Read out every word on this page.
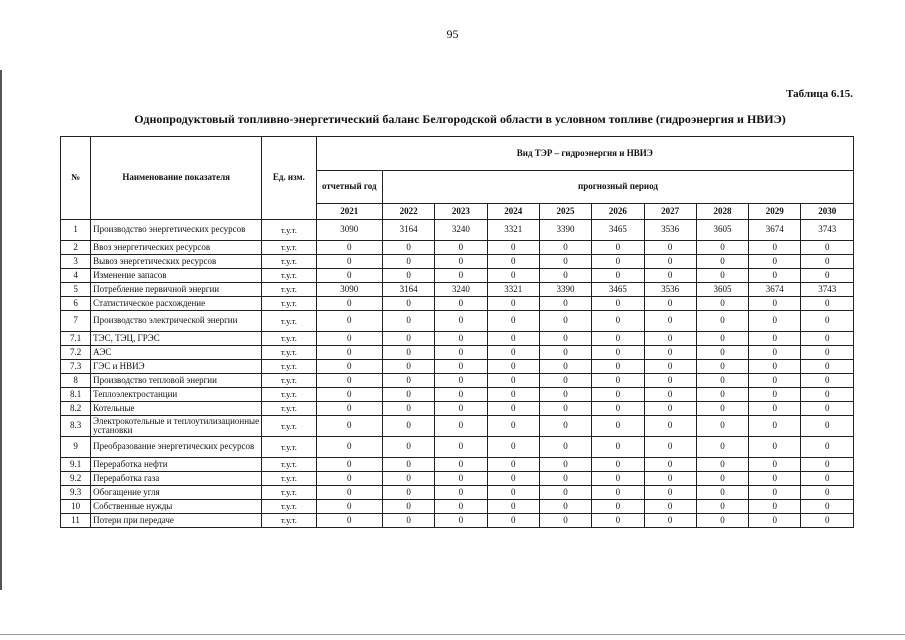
95
Таблица 6.15.
Однопродуктовый топливно-энергетический баланс Белгородской области в условном топливе (гидроэнергия и НВИЭ)
№	Наименование показателя	Ед. изм.	Вид ТЭР – гидроэнергия и НВИЭ									
			отчетный год	прогнозный период								
			2021	2022	2023	2024	2025	2026	2027	2028	2029	2030
1	Производство энергетических ресурсов	т.у.т.	3090	3164	3240	3321	3390	3465	3536	3605	3674	3743
2	Ввоз энергетических ресурсов	т.у.т.	0	0	0	0	0	0	0	0	0	0
3	Вывоз энергетических ресурсов	т.у.т.	0	0	0	0	0	0	0	0	0	0
4	Изменение запасов	т.у.т.	0	0	0	0	0	0	0	0	0	0
5	Потребление первичной энергии	т.у.т.	3090	3164	3240	3321	3390	3465	3536	3605	3674	3743
6	Статистическое расхождение	т.у.т.	0	0	0	0	0	0	0	0	0	0
7	Производство электрической энергии	т.у.т.	0	0	0	0	0	0	0	0	0	0
7.1	ТЭС, ТЭЦ, ГРЭС	т.у.т.	0	0	0	0	0	0	0	0	0	0
7.2	АЭС	т.у.т.	0	0	0	0	0	0	0	0	0	0
7.3	ГЭС и НВИЭ	т.у.т.	0	0	0	0	0	0	0	0	0	0
8	Производство тепловой энергии	т.у.т.	0	0	0	0	0	0	0	0	0	0
8.1	Теплоэлектростанции	т.у.т.	0	0	0	0	0	0	0	0	0	0
8.2	Котельные	т.у.т.	0	0	0	0	0	0	0	0	0	0
8.3	Электрокотельные и теплоутилизационные установки	т.у.т.	0	0	0	0	0	0	0	0	0	0
9	Преобразование энергетических ресурсов	т.у.т.	0	0	0	0	0	0	0	0	0	0
9.1	Переработка нефти	т.у.т.	0	0	0	0	0	0	0	0	0	0
9.2	Переработка газа	т.у.т.	0	0	0	0	0	0	0	0	0	0
9.3	Обогащение угля	т.у.т.	0	0	0	0	0	0	0	0	0	0
10	Собственные нужды	т.у.т.	0	0	0	0	0	0	0	0	0	0
11	Потери при передаче	т.у.т.	0	0	0	0	0	0	0	0	0	0
